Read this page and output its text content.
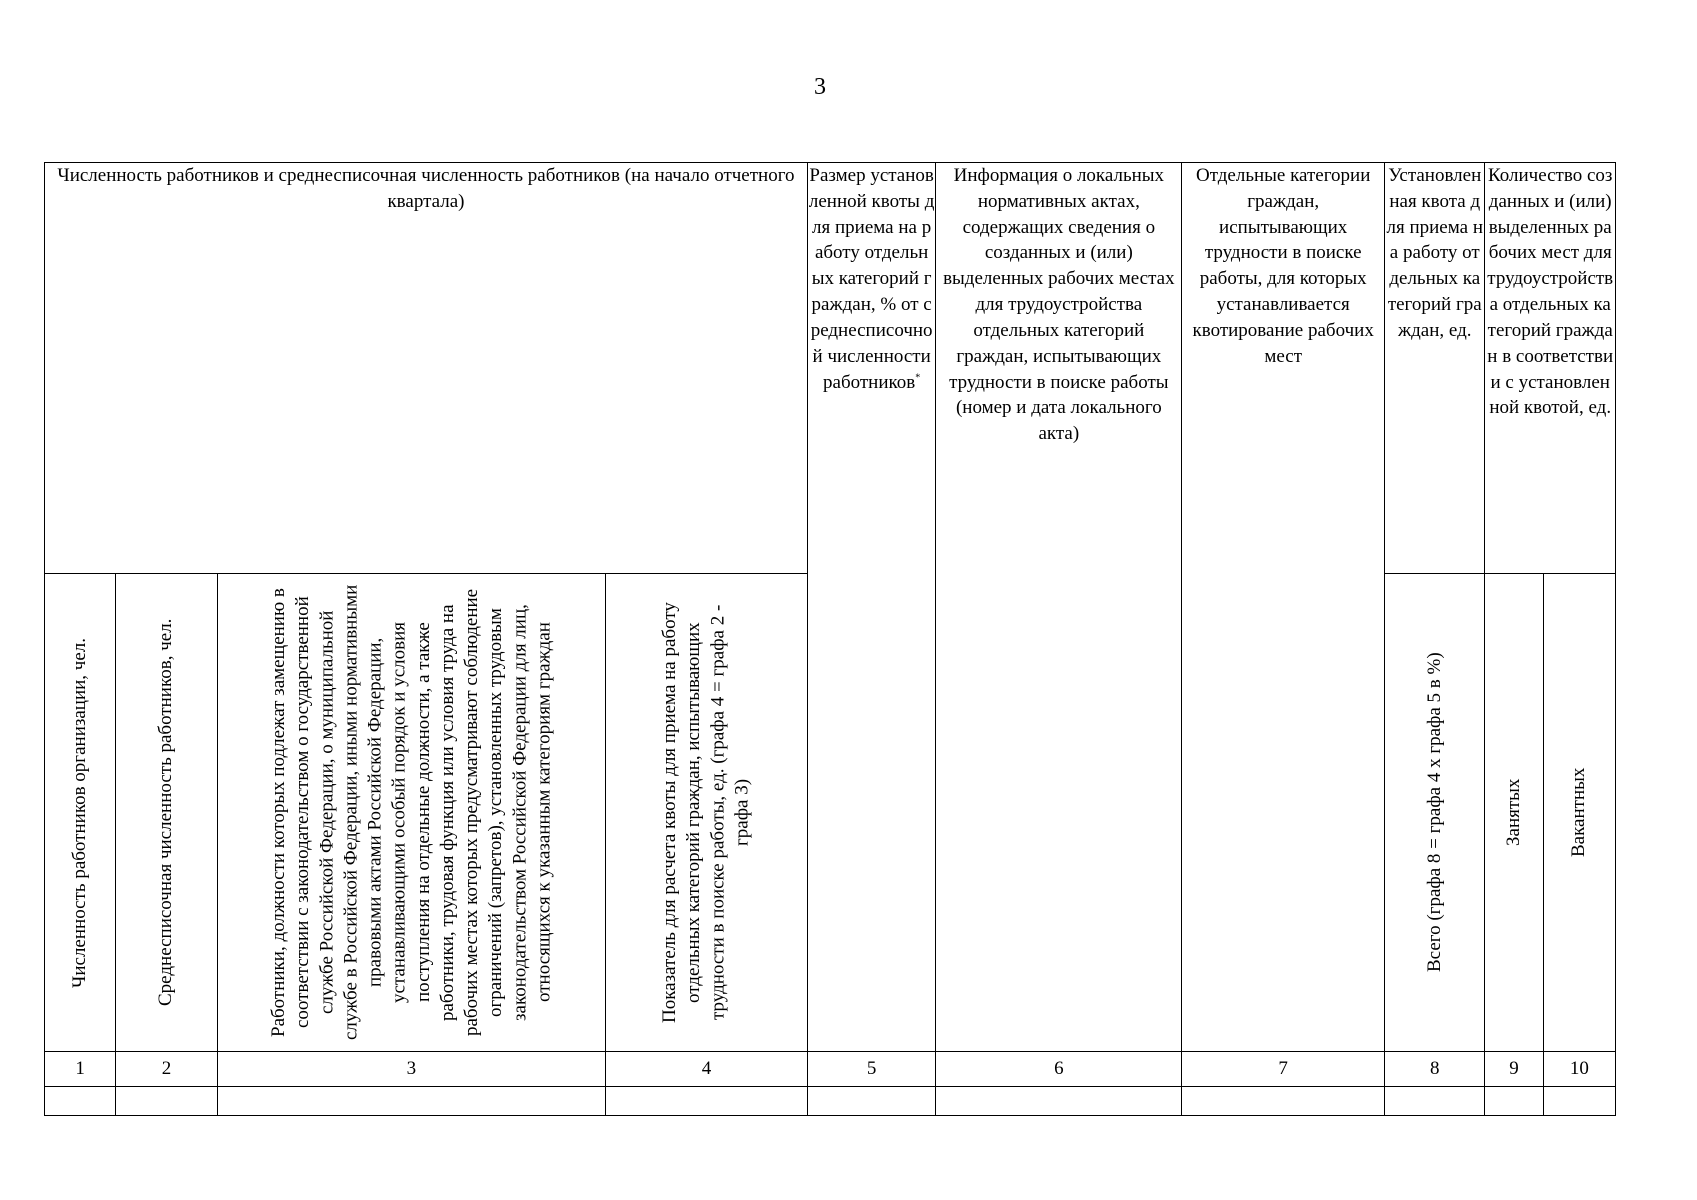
3
Численность работников и среднесписочная численность работников (на начало отчетного квартала)				Размер установленной квоты для приема на работу отдельных категорий граждан, % от среднесписочной численности работников*	Информация о локальных нормативных актах, содержащих сведения о созданных и (или) выделенных рабочих местах для трудоустройства отдельных категорий граждан, испытывающих трудности в поиске работы (номер и дата локального акта)	Отдельные категории граждан, испытывающих трудности в поиске работы, для которых устанавливается квотирование рабочих мест	Установленная квота для приема на работу отдельных категорий граждан, ед.	Количество созданных и (или) выделенных рабочих мест для трудоустройства отдельных категорий граждан в соответствии с установленной квотой, ед.	

Численность работников организации, чел.	Среднесписочная численность работников, чел.	Работники, должности которых подлежат замещению в соответствии с законодательством о государственной службе Российской Федерации, о муниципальной службе в Российской Федерации, иными нормативными правовыми актами Российской Федерации, устанавливающими особый порядок и условия поступления на отдельные должности, а также работники, трудовая функция или условия труда на рабочих местах которых предусматривают соблюдение ограничений (запретов), установленных трудовым законодательством Российской Федерации для лиц, относящихся к указанным категориям граждан	Показатель для расчета квоты для приема на работу отдельных категорий граждан, испытывающих трудности в поиске работы, ед. (графа 4 = графа 2 - графа 3)				Всего (графа 8 = графа 4 x графа 5 в %)	Занятых	Вакантных

1	2	3	4	5	6	7	8	9	10
